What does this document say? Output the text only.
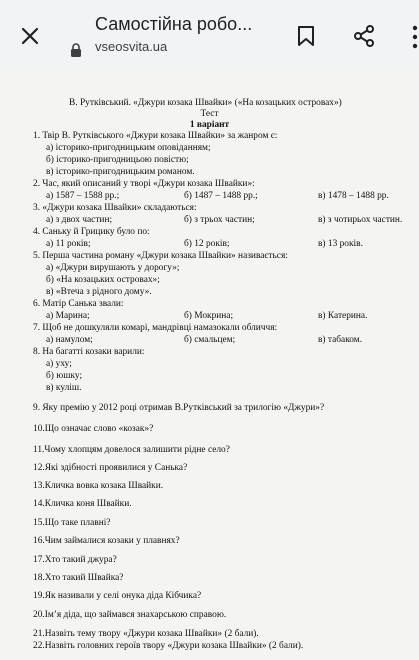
Самостійна робо...
vseosvita.ua
В. Рутківський. «Джури козака Швайки» («На козацьких островах»)
Тест
1 варіант
1. Твір В. Рутківського «Джури козака Швайки» за жанром є:
а) історико-пригодницьким оповіданням;
б) історико-пригодницьою повістю;
в) історико-пригодницьким романом.
2. Час, який описаний у творі «Джури козака Швайки»:
а) 1587 – 1588 рр.;	б) 1487 – 1488 рр.;	в) 1478 – 1488 рр.
3. «Джури козака Швайки» складаються:
а) з двох частин;	б) з трьох частин;	в) з чотирьох частин.
4. Саньку й Грицику було по:
а) 11 років;	б) 12 років;	в) 13 років.
5. Перша частина роману «Джури козака Швайки» називається:
а) «Джури вирушають у дорогу»;
б) «На козацьких островах»;
в) «Втеча з рідного дому».
6. Матір Санька звали:
а) Марина;	б) Мокрина;	в) Катерина.
7. Щоб не дошкуляли комарі, мандрівці намазокали обличчя:
а) намулом;	б) смальцем;	в) табаком.
8. На багатті козаки варили:
а) уху;
б) юшку;
в) куліш.
9. Яку премію у 2012 році отримав В.Рутківський за трилогію «Джури»?
10.Що означає слово «козак»?
11.Чому хлопцям довелося залишити рідне село?
12.Які здібності проявилися у Санька?
13.Кличка вовка козака Швайки.
14.Кличка коня Швайки.
15.Що таке плавні?
16.Чим займалися козаки у плавнях?
17.Хто такий джура?
18.Хто такий Швайка?
19.Як називали у селі онука діда Кібчика?
20.Ім’я діда, що займався знахарською справою.
21.Назвіть тему твору «Джури козака Швайки» (2 бали).
22.Назвіть головних героїв твору «Джури козака Швайки» (2 бали).
